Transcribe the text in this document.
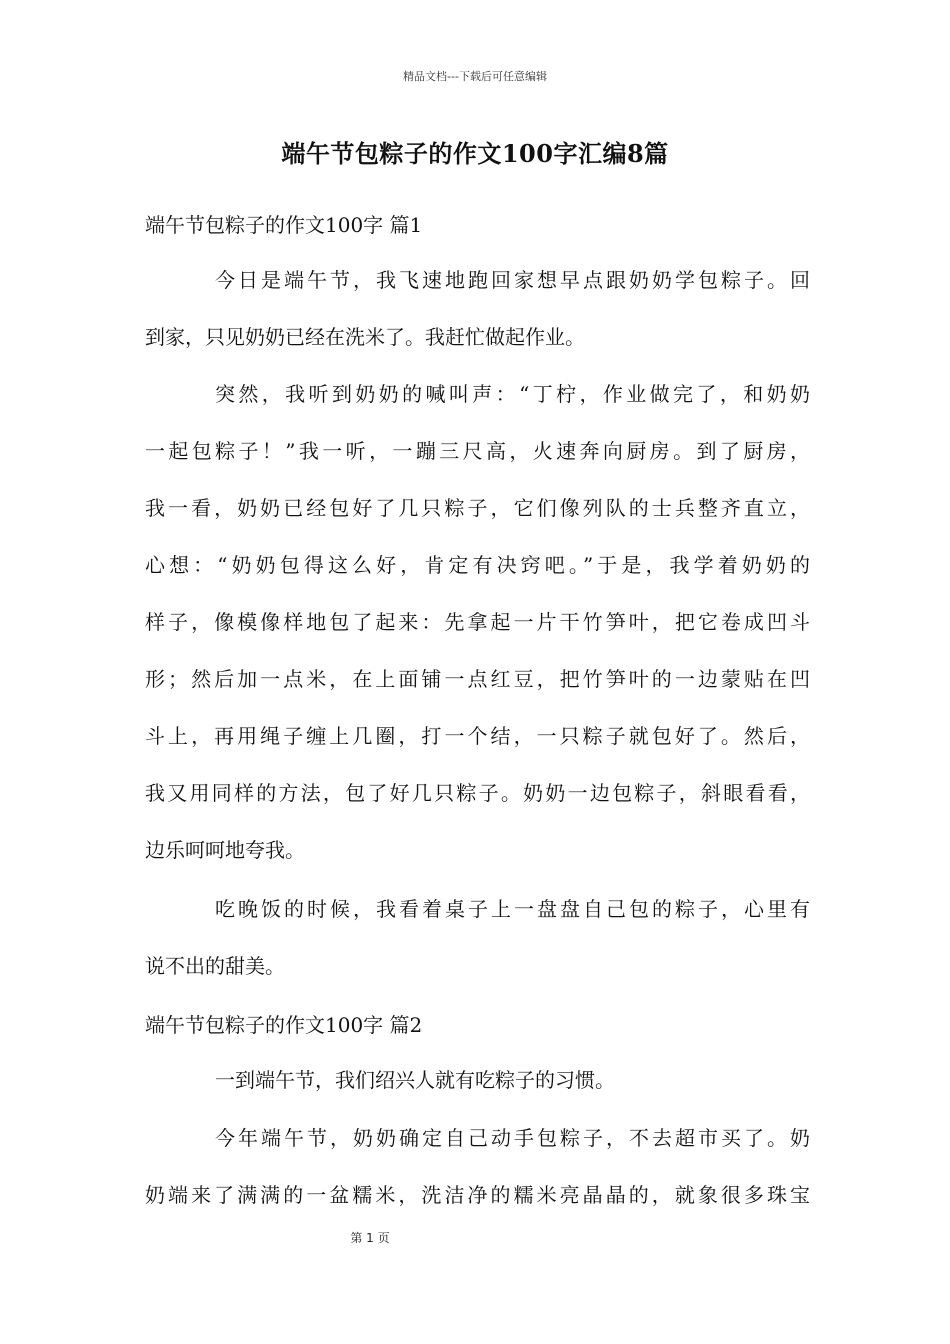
精品文档---下载后可任意编辑
端午节包粽子的作文100字汇编8篇
端午节包粽子的作文100字 篇1
今日是端午节，我飞速地跑回家想早点跟奶奶学包粽子。回
到家，只见奶奶已经在洗米了。我赶忙做起作业。
突然，我听到奶奶的喊叫声：“丁柠，作业做完了，和奶奶
一起包粽子！”我一听，一蹦三尺高，火速奔向厨房。到了厨房，
我一看，奶奶已经包好了几只粽子，它们像列队的士兵整齐直立，
心想：“奶奶包得这么好，肯定有决窍吧。”于是，我学着奶奶的
样子，像模像样地包了起来：先拿起一片干竹笋叶，把它卷成凹斗
形；然后加一点米，在上面铺一点红豆，把竹笋叶的一边蒙贴在凹
斗上，再用绳子缠上几圈，打一个结，一只粽子就包好了。然后，
我又用同样的方法，包了好几只粽子。奶奶一边包粽子，斜眼看看，
边乐呵呵地夸我。
吃晚饭的时候，我看着桌子上一盘盘自己包的粽子，心里有
说不出的甜美。
端午节包粽子的作文100字 篇2
一到端午节，我们绍兴人就有吃粽子的习惯。
今年端午节，奶奶确定自己动手包粽子，不去超市买了。奶
奶端来了满满的一盆糯米，洗洁净的糯米亮晶晶的，就象很多珠宝
第 1 页
